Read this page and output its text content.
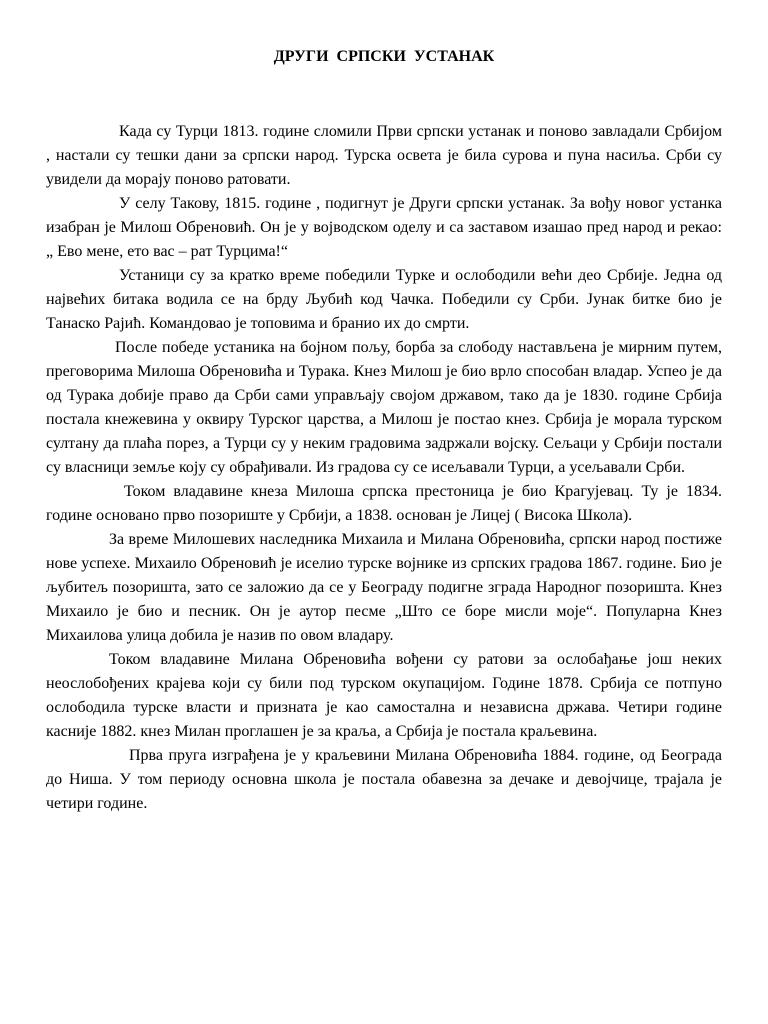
ДРУГИ СРПСКИ УСТАНАК

Када су Турци 1813. године сломили Први српски устанак и поново завладали Србијом , настали су тешки дани за српски народ. Турска освета је била сурова и пуна насиља. Срби су увидели да морају поново ратовати.

У селу Такову, 1815. године , подигнут је Други српски устанак. За вођу новог устанка изабран је Милош Обреновић. Он је у војводском оделу и са заставом изашао пред народ и рекао: „ Ево мене, ето вас – рат Турцима!“

Устаници су за кратко време победили Турке и ослободили већи део Србије. Једна од највећих битака водила се на брду Љубић код Чачка. Победили су Срби. Јунак битке био је Танаско Рајић. Командовао је топовима и бранио их до смрти.

После победе устаника на бојном пољу, борба за слободу настављена је мирним путем, преговорима Милоша Обреновића и Турака. Кнез Милош је био врло способан владар. Успео је да од Турака добије право да Срби сами управљају својом државом, тако да је 1830. године Србија постала кнежевина у оквиру Турског царства, а Милош је постао кнез. Србија је морала турском султану да плаћа порез, а Турци су у неким градовима задржали војску. Сељаци у Србији постали су власници земље коју су обрађивали. Из градова су се исељавали Турци, а усељавали Срби.

Током владавине кнеза Милоша српска престоница је био Крагујевац. Ту је 1834. године основано прво позориште у Србији, а 1838. основан је Лицеј ( Висока Школа).

За време Милошевих наследника Михаила и Милана Обреновића, српски народ постиже нове успехе. Михаило Обреновић је иселио турске војнике из српских градова 1867. године. Био је љубитељ позоришта, зато се заложио да се у Београду подигне зграда Народног позоришта. Кнез Михаило је био и песник. Он је аутор песме „Што се боре мисли моје“. Популарна Кнез Михаилова улица добила је назив по овом владару.

Током владавине Милана Обреновића вођени су ратови за ослобађање још неких неослобођених крајева који су били под турском окупацијом. Године 1878. Србија се потпуно ослободила турске власти и призната је као самостална и независна држава. Четири године касније 1882. кнез Милан проглашен је за краља, а Србија је постала краљевина.

Прва пруга изграђена је у краљевини Милана Обреновића 1884. године, од Београда до Ниша. У том периоду основна школа је постала обавезна за дечаке и девојчице, трајала је четири године.
